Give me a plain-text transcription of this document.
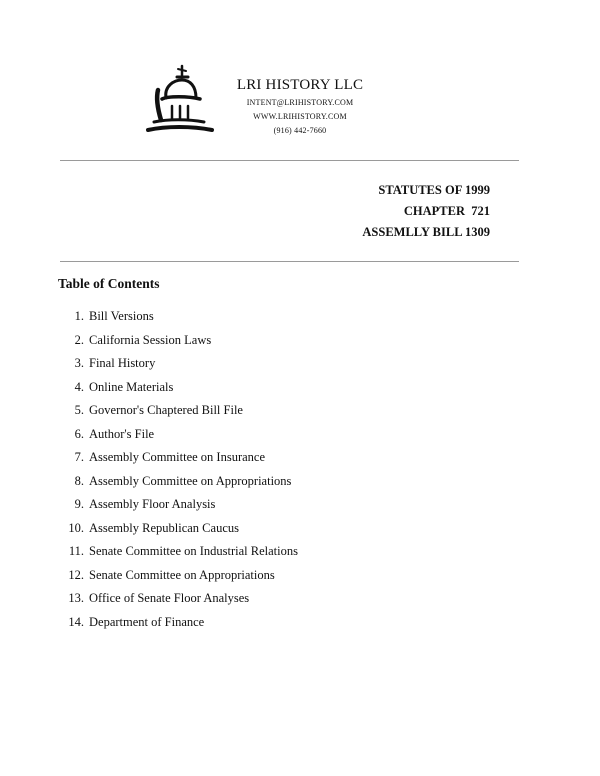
LRI HISTORY LLC
INTENT@LRIHISTORY.COM
WWW.LRIHISTORY.COM
(916) 442-7660
STATUTES OF 1999
CHAPTER  721
ASSEMLLY BILL 1309
Table of Contents
1. Bill Versions
2. California Session Laws
3. Final History
4. Online Materials
5. Governor's Chaptered Bill File
6. Author's File
7. Assembly Committee on Insurance
8. Assembly Committee on Appropriations
9. Assembly Floor Analysis
10. Assembly Republican Caucus
11. Senate Committee on Industrial Relations
12. Senate Committee on Appropriations
13. Office of Senate Floor Analyses
14. Department of Finance
